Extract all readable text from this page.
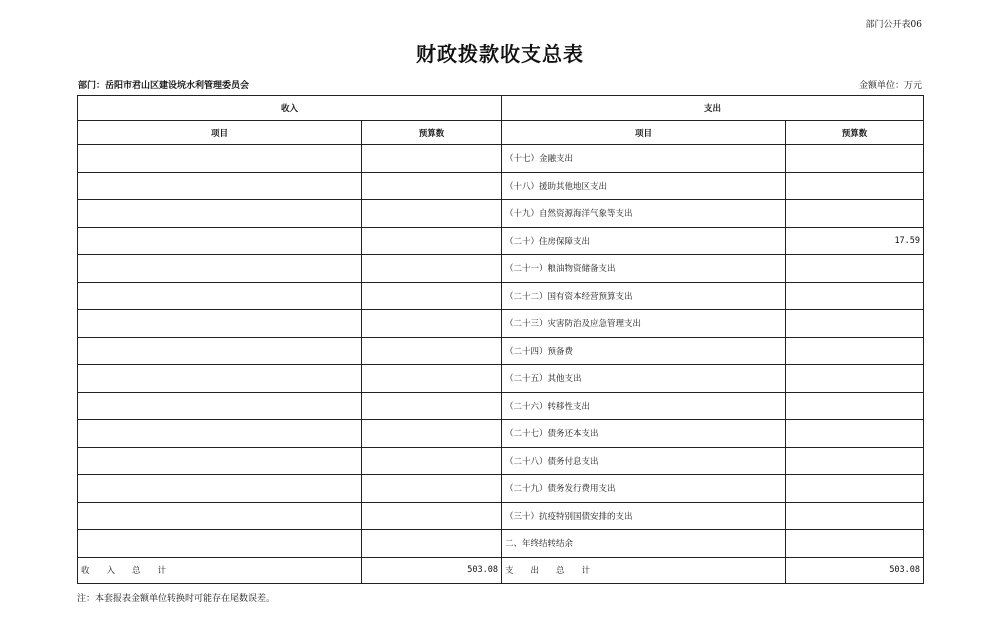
部门公开表06
财政拨款收支总表
部门：岳阳市君山区建设垸水利管理委员会	金额单位：万元
收入		支出	
项目	预算数	项目	预算数
		（十七）金融支出	
		（十八）援助其他地区支出	
		（十九）自然资源海洋气象等支出	
		（二十）住房保障支出	17.59
		（二十一）粮油物资储备支出	
		（二十二）国有资本经营预算支出	
		（二十三）灾害防治及应急管理支出	
		（二十四）预备费	
		（二十五）其他支出	
		（二十六）转移性支出	
		（二十七）债务还本支出	
		（二十八）债务付息支出	
		（二十九）债务发行费用支出	
		（三十）抗疫特别国债安排的支出	
		二、年终结转结余	
收　　入　　总　　计	503.08	支　　出　　总　　计	503.08
注：本套报表金额单位转换时可能存在尾数误差。
